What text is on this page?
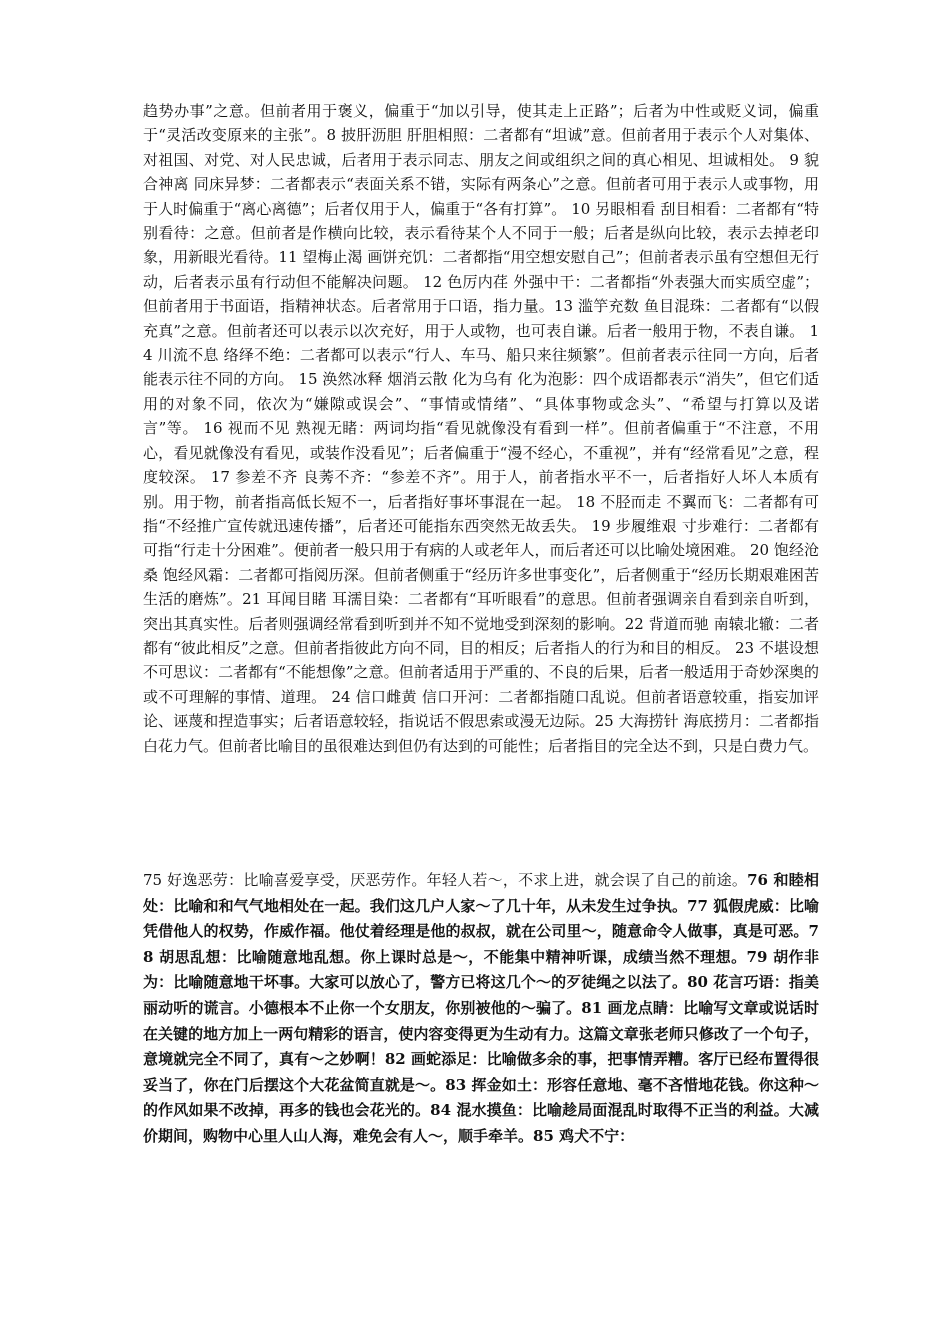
趋势办事”之意。但前者用于褒义，偏重于“加以引导，使其走上正路”；后者为中性或贬义词，偏重于“灵活改变原来的主张”。8 披肝沥胆 肝胆相照：二者都有“坦诚”意。但前者用于表示个人对集体、对祖国、对党、对人民忠诚，后者用于表示同志、朋友之间或组织之间的真心相见、坦诚相处。 9 貌合神离 同床异梦：二者都表示“表面关系不错，实际有两条心”之意。但前者可用于表示人或事物，用于人时偏重于“离心离德”；后者仅用于人，偏重于“各有打算”。 10 另眼相看 刮目相看：二者都有“特别看待：之意。但前者是作横向比较，表示看待某个人不同于一般；后者是纵向比较，表示去掉老印象，用新眼光看待。11 望梅止渴 画饼充饥：二者都指“用空想安慰自己”；但前者表示虽有空想但无行动，后者表示虽有行动但不能解决问题。 12 色厉内荏 外强中干：二者都指“外表强大而实质空虚”；但前者用于书面语，指精神状态。后者常用于口语，指力量。13 滥竽充数 鱼目混珠：二者都有“以假充真”之意。但前者还可以表示以次充好，用于人或物，也可表自谦。后者一般用于物，不表自谦。 14 川流不息 络绎不绝：二者都可以表示“行人、车马、船只来往频繁”。但前者表示往同一方向，后者能表示往不同的方向。 15 涣然冰释 烟消云散 化为乌有 化为泡影：四个成语都表示“消失”，但它们适用的对象不同，依次为“嫌隙或误会”、“事情或情绪”、“具体事物或念头”、“希望与打算以及诺言”等。 16 视而不见 熟视无睹：两词均指“看见就像没有看到一样”。但前者偏重于“不注意，不用心，看见就像没有看见，或装作没看见”；后者偏重于“漫不经心，不重视”，并有“经常看见”之意，程度较深。 17 参差不齐 良莠不齐：“参差不齐”。用于人，前者指水平不一，后者指好人坏人本质有别。用于物，前者指高低长短不一，后者指好事坏事混在一起。 18 不胫而走 不翼而飞：二者都有可指“不经推广宣传就迅速传播”，后者还可能指东西突然无故丢失。 19 步履维艰 寸步难行：二者都有可指“行走十分困难”。便前者一般只用于有病的人或老年人，而后者还可以比喻处境困难。 20 饱经沧桑 饱经风霜：二者都可指阅历深。但前者侧重于“经历许多世事变化”，后者侧重于“经历长期艰难困苦生活的磨炼”。21 耳闻目睹 耳濡目染：二者都有“耳听眼看”的意思。但前者强调亲自看到亲自听到，突出其真实性。后者则强调经常看到听到并不知不觉地受到深刻的影响。22 背道而驰 南辕北辙：二者都有“彼此相反”之意。但前者指彼此方向不同，目的相反；后者指人的行为和目的相反。 23 不堪设想 不可思议：二者都有“不能想像”之意。但前者适用于严重的、不良的后果，后者一般适用于奇妙深奥的或不可理解的事情、道理。 24 信口雌黄 信口开河：二者都指随口乱说。但前者语意较重，指妄加评论、诬蔑和捏造事实；后者语意较轻，指说话不假思索或漫无边际。25 大海捞针 海底捞月：二者都指白花力气。但前者比喻目的虽很难达到但仍有达到的可能性；后者指目的完全达不到，只是白费力气。

75 好逸恶劳：比喻喜爱享受，厌恶劳作。年轻人若～，不求上进，就会误了自己的前途。76 和睦相处：比喻和和气气地相处在一起。我们这几户人家～了几十年，从未发生过争执。77 狐假虎威：比喻凭借他人的权势，作威作福。他仗着经理是他的叔叔，就在公司里～，随意命令人做事，真是可恶。78 胡思乱想：比喻随意地乱想。你上课时总是～，不能集中精神听课，成绩当然不理想。79 胡作非为：比喻随意地干坏事。大家可以放心了，警方已将这几个～的歹徒绳之以法了。80 花言巧语：指美丽动听的谎言。小德根本不止你一个女朋友，你别被他的～骗了。81 画龙点睛：比喻写文章或说话时在关键的地方加上一两句精彩的语言，使内容变得更为生动有力。这篇文章张老师只修改了一个句子，意境就完全不同了，真有～之妙啊！82 画蛇添足：比喻做多余的事，把事情弄糟。客厅已经布置得很妥当了，你在门后摆这个大花盆简直就是～。83 挥金如土：形容任意地、毫不吝惜地花钱。你这种～的作风如果不改掉，再多的钱也会花光的。84 混水摸鱼：比喻趁局面混乱时取得不正当的利益。大减价期间，购物中心里人山人海，难免会有人～，顺手牵羊。85 鸡犬不宁：
